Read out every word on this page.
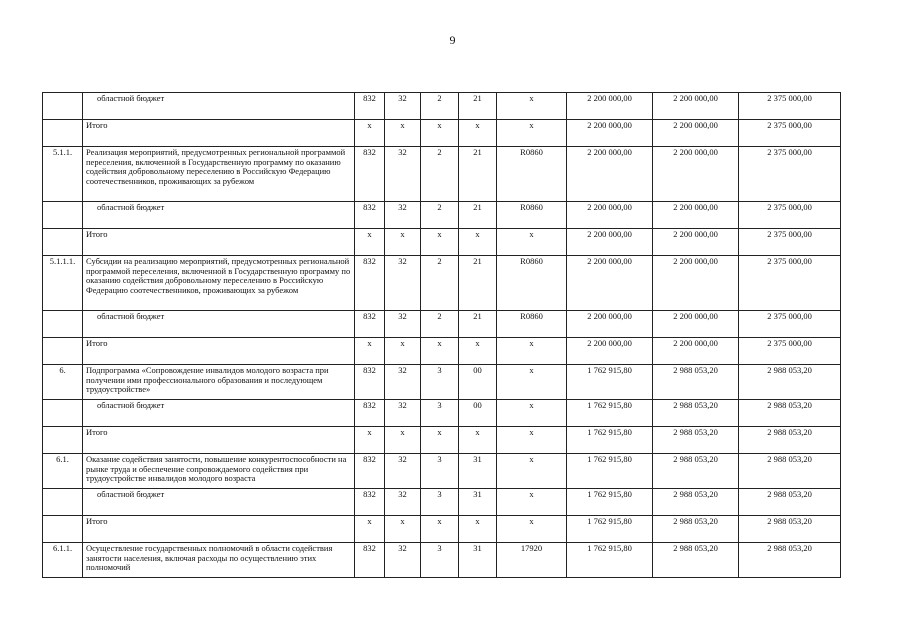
9
	областной бюджет	832	32	2	21	x	2 200 000,00	2 200 000,00	2 375 000,00
	Итого	x	x	x	x	x	2 200 000,00	2 200 000,00	2 375 000,00
5.1.1.	Реализация мероприятий, предусмотренных региональной программой переселения, включенной в Государственную программу по оказанию содействия добровольному переселению в Российскую Федерацию соотечественников, проживающих за рубежом	832	32	2	21	R0860	2 200 000,00	2 200 000,00	2 375 000,00
	областной бюджет	832	32	2	21	R0860	2 200 000,00	2 200 000,00	2 375 000,00
	Итого	x	x	x	x	x	2 200 000,00	2 200 000,00	2 375 000,00
5.1.1.1.	Субсидии на реализацию мероприятий, предусмотренных региональной программой переселения, включенной в Государственную программу по оказанию содействия добровольному переселению в Российскую Федерацию соотечественников, проживающих за рубежом	832	32	2	21	R0860	2 200 000,00	2 200 000,00	2 375 000,00
	областной бюджет	832	32	2	21	R0860	2 200 000,00	2 200 000,00	2 375 000,00
	Итого	x	x	x	x	x	2 200 000,00	2 200 000,00	2 375 000,00
6.	Подпрограмма «Сопровождение инвалидов молодого возраста при получении ими профессионального образования и последующем трудоустройстве»	832	32	3	00	x	1 762 915,80	2 988 053,20	2 988 053,20
	областной бюджет	832	32	3	00	x	1 762 915,80	2 988 053,20	2 988 053,20
	Итого	x	x	x	x	x	1 762 915,80	2 988 053,20	2 988 053,20
6.1.	Оказание содействия занятости, повышение конкурентоспособности на рынке труда и обеспечение сопровождаемого содействия при трудоустройстве инвалидов молодого возраста	832	32	3	31	x	1 762 915,80	2 988 053,20	2 988 053,20
	областной бюджет	832	32	3	31	x	1 762 915,80	2 988 053,20	2 988 053,20
	Итого	x	x	x	x	x	1 762 915,80	2 988 053,20	2 988 053,20
6.1.1.	Осуществление государственных полномочий в области содействия занятости населения, включая расходы по осуществлению этих полномочий	832	32	3	31	17920	1 762 915,80	2 988 053,20	2 988 053,20
